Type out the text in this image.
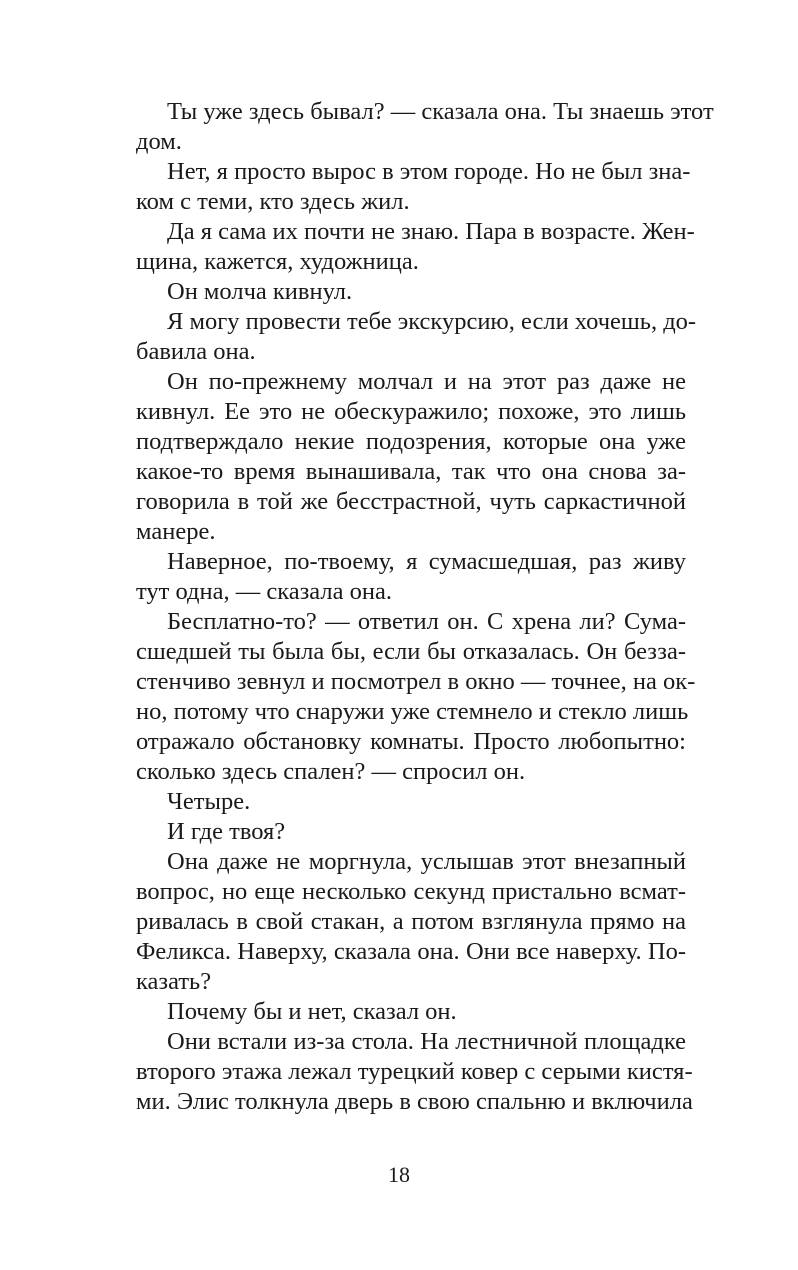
Ты уже здесь бывал? — сказала она. Ты знаешь этот
дом.
Нет, я просто вырос в этом городе. Но не был зна-
ком с теми, кто здесь жил.
Да я сама их почти не знаю. Пара в возрасте. Жен-
щина, кажется, художница.
Он молча кивнул.
Я могу провести тебе экскурсию, если хочешь, до-
бавила она.
Он по-прежнему молчал и на этот раз даже не
кивнул. Ее это не обескуражило; похоже, это лишь
подтверждало некие подозрения, которые она уже
какое-то время вынашивала, так что она снова за-
говорила в той же бесстрастной, чуть саркастичной
манере.
Наверное, по-твоему, я сумасшедшая, раз живу
тут одна, — сказала она.
Бесплатно-то? — ответил он. С хрена ли? Сума-
сшедшей ты была бы, если бы отказалась. Он безза-
стенчиво зевнул и посмотрел в окно — точнее, на ок-
но, потому что снаружи уже стемнело и стекло лишь
отражало обстановку комнаты. Просто любопытно:
сколько здесь спален? — спросил он.
Четыре.
И где твоя?
Она даже не моргнула, услышав этот внезапный
вопрос, но еще несколько секунд пристально всмат-
ривалась в свой стакан, а потом взглянула прямо на
Феликса. Наверху, сказала она. Они все наверху. По-
казать?
Почему бы и нет, сказал он.
Они встали из-за стола. На лестничной площадке
второго этажа лежал турецкий ковер с серыми кистя-
ми. Элис толкнула дверь в свою спальню и включила
18
